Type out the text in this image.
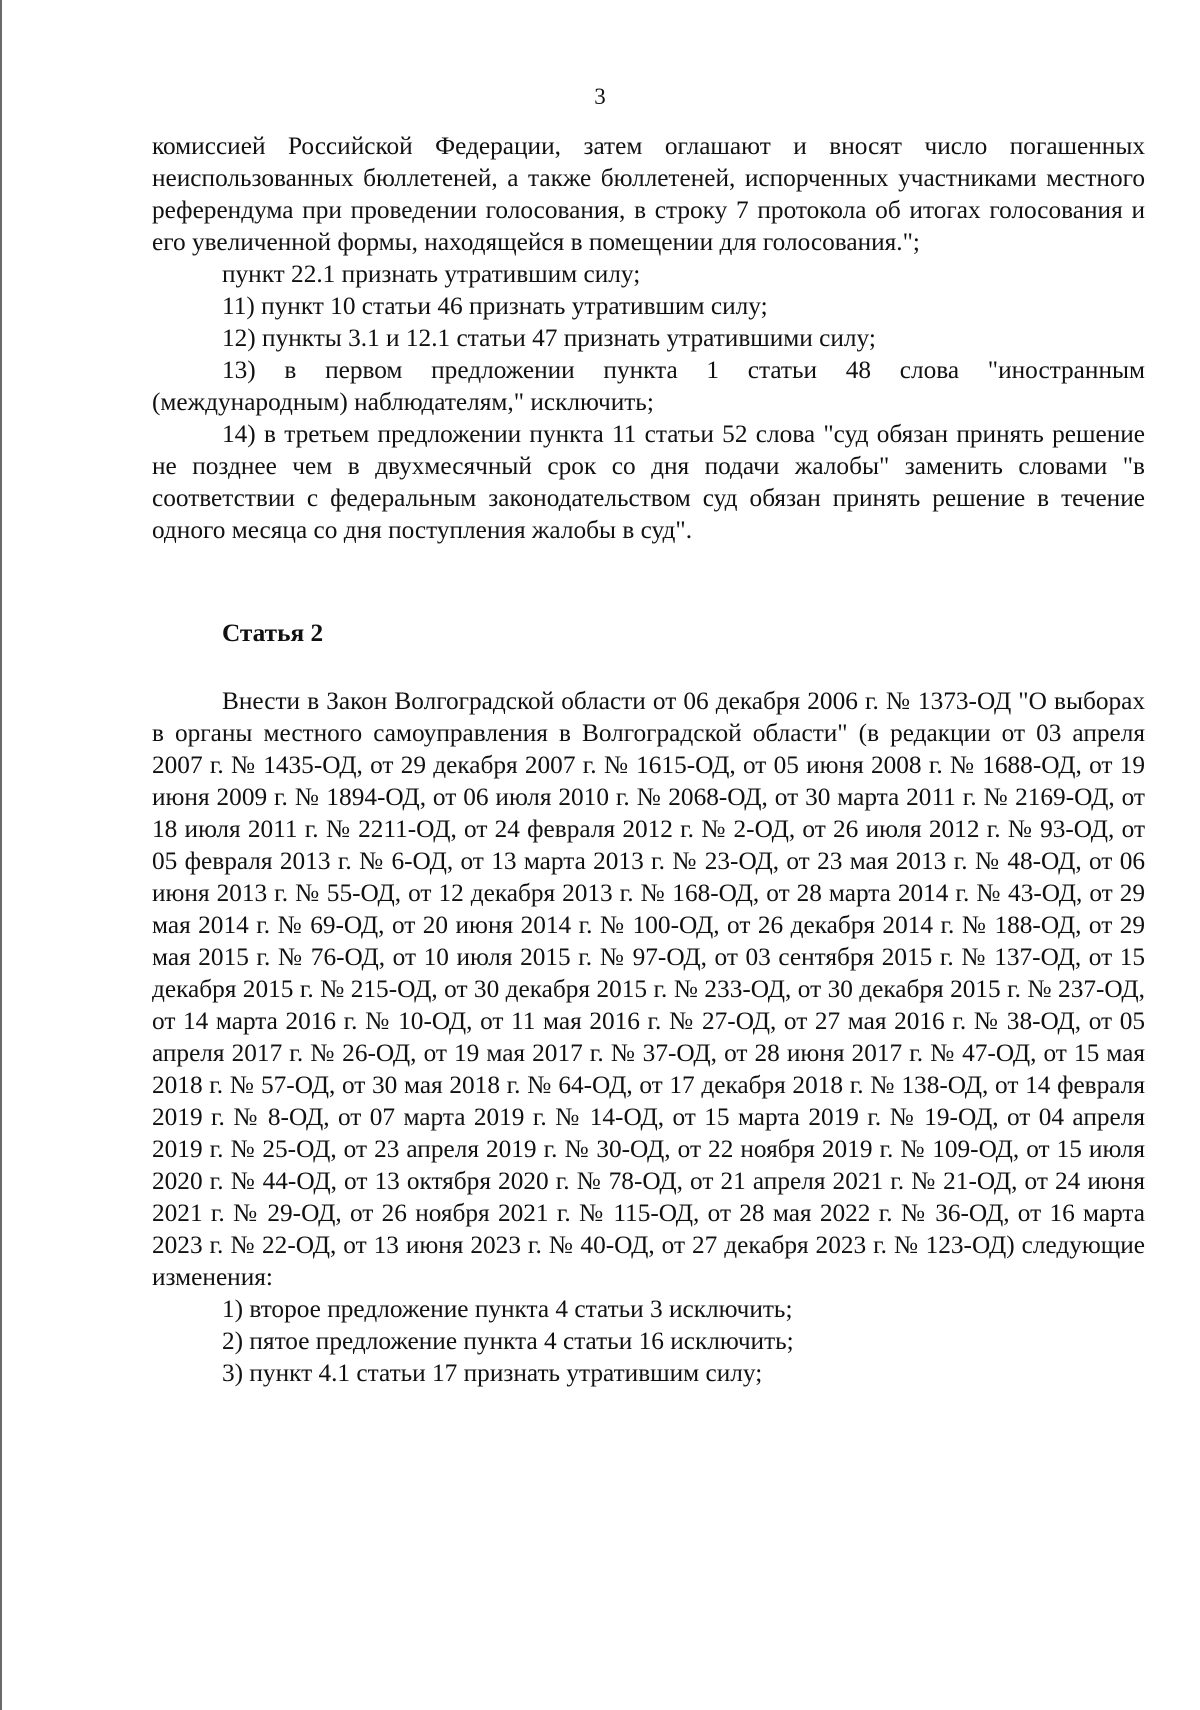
3

комиссией Российской Федерации, затем оглашают и вносят число погашенных неиспользованных бюллетеней, а также бюллетеней, испорченных участниками местного референдума при проведении голосования, в строку 7 протокола об итогах голосования и его увеличенной формы, находящейся в помещении для голосования.";

пункт 22.1 признать утратившим силу;

11) пункт 10 статьи 46 признать утратившим силу;

12) пункты 3.1 и 12.1 статьи 47 признать утратившими силу;

13) в первом предложении пункта 1 статьи 48 слова "иностранным (международным) наблюдателям," исключить;

14) в третьем предложении пункта 11 статьи 52 слова "суд обязан принять решение не позднее чем в двухмесячный срок со дня подачи жалобы" заменить словами "в соответствии с федеральным законодательством суд обязан принять решение в течение одного месяца со дня поступления жалобы в суд".

Статья 2

Внести в Закон Волгоградской области от 06 декабря 2006 г. № 1373-ОД "О выборах в органы местного самоуправления в Волгоградской области" (в редакции от 03 апреля 2007 г. № 1435-ОД, от 29 декабря 2007 г. № 1615-ОД, от 05 июня 2008 г. № 1688-ОД, от 19 июня 2009 г. № 1894-ОД, от 06 июля 2010 г. № 2068-ОД, от 30 марта 2011 г. № 2169-ОД, от 18 июля 2011 г. № 2211-ОД, от 24 февраля 2012 г. № 2-ОД, от 26 июля 2012 г. № 93-ОД, от 05 февраля 2013 г. № 6-ОД, от 13 марта 2013 г. № 23-ОД, от 23 мая 2013 г. № 48-ОД, от 06 июня 2013 г. № 55-ОД, от 12 декабря 2013 г. № 168-ОД, от 28 марта 2014 г. № 43-ОД, от 29 мая 2014 г. № 69-ОД, от 20 июня 2014 г. № 100-ОД, от 26 декабря 2014 г. № 188-ОД, от 29 мая 2015 г. № 76-ОД, от 10 июля 2015 г. № 97-ОД, от 03 сентября 2015 г. № 137-ОД, от 15 декабря 2015 г. № 215-ОД, от 30 декабря 2015 г. № 233-ОД, от 30 декабря 2015 г. № 237-ОД, от 14 марта 2016 г. № 10-ОД, от 11 мая 2016 г. № 27-ОД, от 27 мая 2016 г. № 38-ОД, от 05 апреля 2017 г. № 26-ОД, от 19 мая 2017 г. № 37-ОД, от 28 июня 2017 г. № 47-ОД, от 15 мая 2018 г. № 57-ОД, от 30 мая 2018 г. № 64-ОД, от 17 декабря 2018 г. № 138-ОД, от 14 февраля 2019 г. № 8-ОД, от 07 марта 2019 г. № 14-ОД, от 15 марта 2019 г. № 19-ОД, от 04 апреля 2019 г. № 25-ОД, от 23 апреля 2019 г. № 30-ОД, от 22 ноября 2019 г. № 109-ОД, от 15 июля 2020 г. № 44-ОД, от 13 октября 2020 г. № 78-ОД, от 21 апреля 2021 г. № 21-ОД, от 24 июня 2021 г. № 29-ОД, от 26 ноября 2021 г. № 115-ОД, от 28 мая 2022 г. № 36-ОД, от 16 марта 2023 г. № 22-ОД, от 13 июня 2023 г. № 40-ОД, от 27 декабря 2023 г. № 123-ОД) следующие изменения:

1) второе предложение пункта 4 статьи 3 исключить;

2) пятое предложение пункта 4 статьи 16 исключить;

3) пункт 4.1 статьи 17 признать утратившим силу;
